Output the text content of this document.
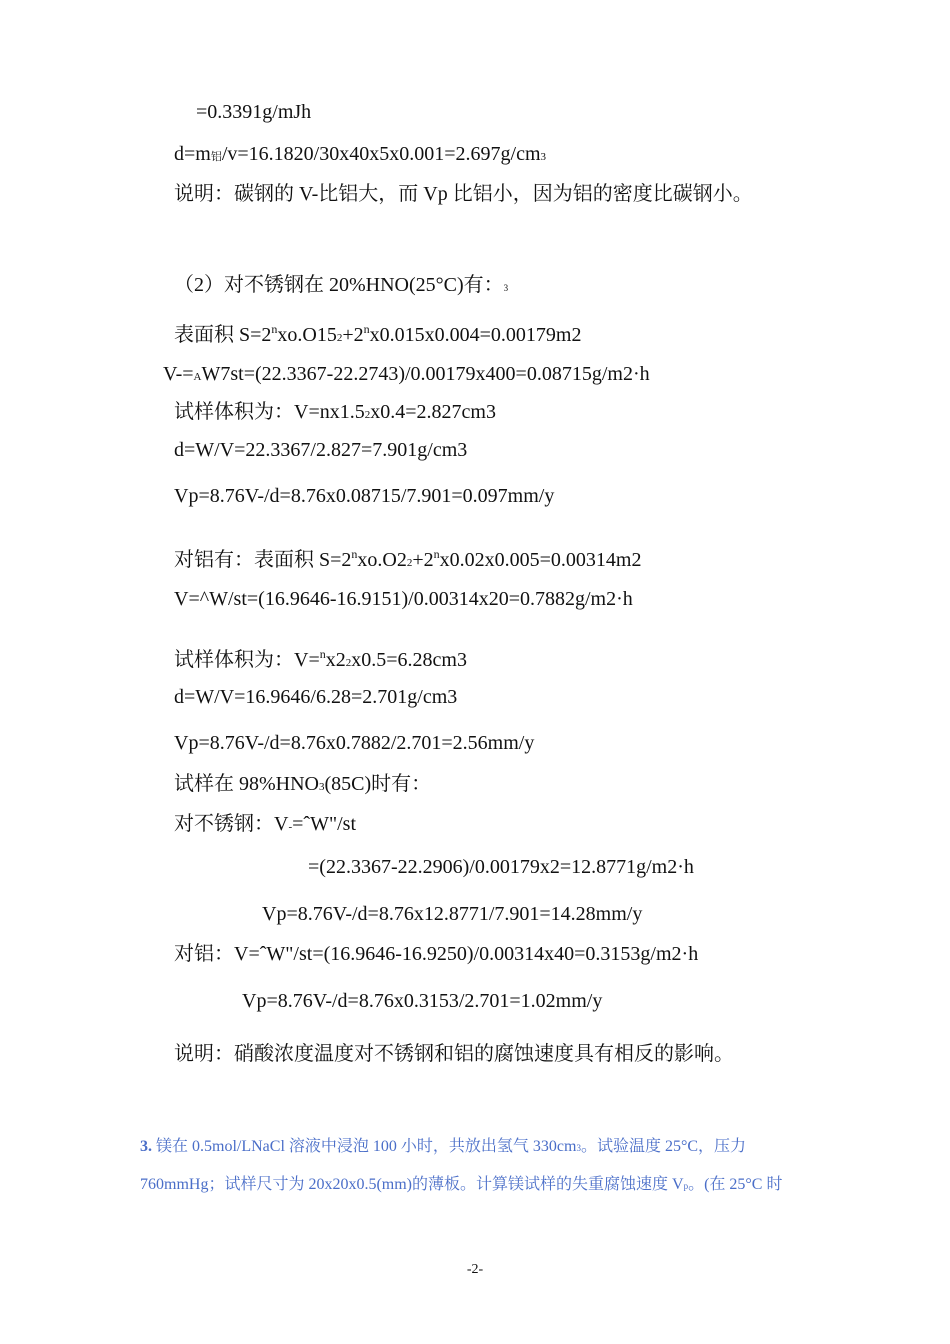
=0.3391g/mJh
d=m铝/v=16.1820/30x40x5x0.001=2.697g/cm3
说明：碳钢的 V-比铝大，而 Vp 比铝小，因为铝的密度比碳钢小。
（2）对不锈钢在 20%HNO(25°C)有：3
表面积 $S=2^nxo.O152+2^nx0.015x0.004=0.00179m2$
V-=AW7st=(22.3367-22.2743)/0.00179x400=0.08715g/m2·h
试样体积为：V=nx1.52x0.4=2.827cm3
d=W/V=22.3367/2.827=7.901g/cm3
Vp=8.76V-/d=8.76x0.08715/7.901=0.097mm/y
对铝有：表面积 $S=2^nxo.O22+2^nx0.02x0.005=0.00314m2$
V=^W/st=(16.9646-16.9151)/0.00314x20=0.7882g/m2·h
试样体积为：V=$^n$x22x0.5=6.28cm3
d=W/V=16.9646/6.28=2.701g/cm3
Vp=8.76V-/d=8.76x0.7882/2.701=2.56mm/y
试样在 98%HNO3(85C)时有：
对不锈钢：V-=ˆW"/st
=(22.3367-22.2906)/0.00179x2=12.8771g/m2·h
Vp=8.76V-/d=8.76x12.8771/7.901=14.28mm/y
对铝：V=ˆW"/st=(16.9646-16.9250)/0.00314x40=0.3153g/m2·h
Vp=8.76V-/d=8.76x0.3153/2.701=1.02mm/y
说明：硝酸浓度温度对不锈钢和铝的腐蚀速度具有相反的影响。
3. 镁在 0.5mol/LNaCl 溶液中浸泡 100 小时，共放出氢气 330cm3。试验温度 25°C，压力
760mmHg；试样尺寸为 20x20x0.5(mm)的薄板。计算镁试样的失重腐蚀速度 Vp。(在 25°C 时
-2-
